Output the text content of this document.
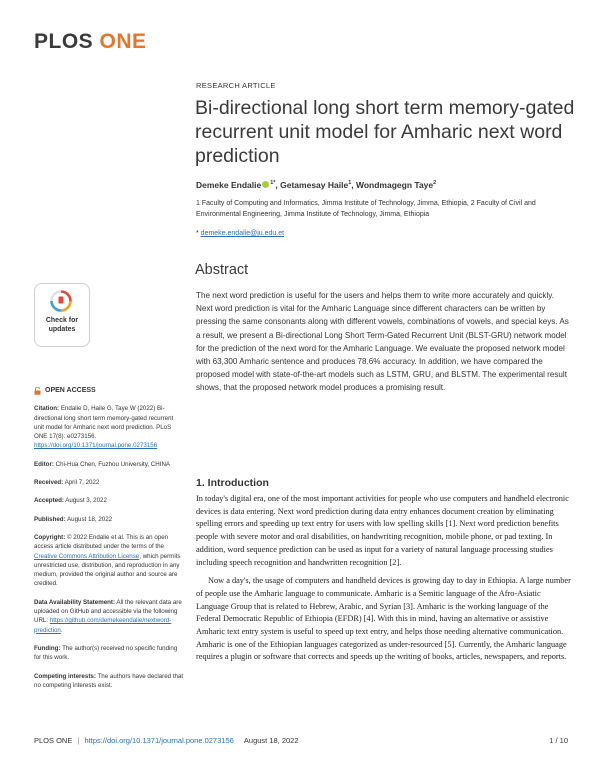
PLOS ONE
RESEARCH ARTICLE
Bi-directional long short term memory-gated recurrent unit model for Amharic next word prediction
Demeke Endalie $^{1*}$, Getamesay Haile$^1$, Wondmagegn Taye$^2$
1 Faculty of Computing and Informatics, Jimma Institute of Technology, Jimma, Ethiopia, 2 Faculty of Civil and Environmental Engineering, Jimma Institute of Technology, Jimma, Ethiopia
* demeke.endalie@ju.edu.et
Abstract
The next word prediction is useful for the users and helps them to write more accurately and quickly. Next word prediction is vital for the Amharic Language since different characters can be written by pressing the same consonants along with different vowels, combinations of vowels, and special keys. As a result, we present a Bi-directional Long Short Term-Gated Recurrent Unit (BLST-GRU) network model for the prediction of the next word for the Amharic Language. We evaluate the proposed network model with 63,300 Amharic sentence and produces 78.6% accuracy. In addition, we have compared the proposed model with state-of-the-art models such as LSTM, GRU, and BLSTM. The experimental result shows, that the proposed network model produces a promising result.
Check for
updates
OPEN ACCESS
Citation: Endalie D, Haile G, Taye W (2022) Bi-directional long short term memory-gated recurrent unit model for Amharic next word prediction. PLoS ONE 17(8): e0273156. https://doi.org/10.1371/journal.pone.0273156
Editor: Chi-Hua Chen, Fuzhou University, CHINA
Received: April 7, 2022
Accepted: August 3, 2022
Published: August 18, 2022
Copyright: © 2022 Endalie et al. This is an open access article distributed under the terms of the Creative Commons Attribution License, which permits unrestricted use, distribution, and reproduction in any medium, provided the original author and source are credited.
Data Availability Statement: All the relevant data are uploaded on GitHub and accessible via the following URL: https://github.com/demekeendalie/nextword-prediction.
Funding: The author(s) received no specific funding for this work.
Competing interests: The authors have declared that no competing interests exist.
1. Introduction

In today's digital era, one of the most important activities for people who use computers and handheld electronic devices is data entering. Next word prediction during data entry enhances document creation by eliminating spelling errors and speeding up text entry for users with low spelling skills [1]. Next word prediction benefits people with severe motor and oral disabilities, on handwriting recognition, mobile phone, or pad texting. In addition, word sequence prediction can be used as input for a variety of natural language processing studies including speech recognition and handwritten recognition [2].

Now a day's, the usage of computers and handheld devices is growing day to day in Ethiopia. A large number of people use the Amharic language to communicate. Amharic is a Semitic language of the Afro-Asiatic Language Group that is related to Hebrew, Arabic, and Syrian [3]. Amharic is the working language of the Federal Democratic Republic of Ethiopia (EFDR) [4]. With this in mind, having an alternative or assistive Amharic text entry system is useful to speed up text entry, and helps those needing alternative communication. Amharic is one of the Ethiopian languages categorized as under-resourced [5]. Currently, the Amharic language requires a plugin or software that corrects and speeds up the writing of books, articles, newspapers, and reports.

PLOS ONE | https://doi.org/10.1371/journal.pone.0273156 August 18, 2022	1 / 10
